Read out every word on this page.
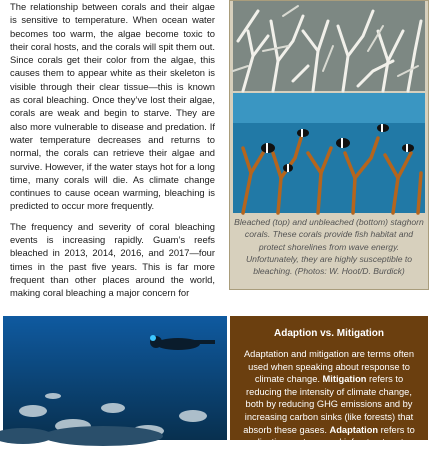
The relationship between corals and their algae is sensitive to temperature. When ocean water becomes too warm, the algae become toxic to their coral hosts, and the corals will spit them out. Since corals get their color from the algae, this causes them to appear white as their skeleton is visible through their clear tissue—this is known as coral bleaching. Once they’ve lost their algae, corals are weak and begin to starve. They are also more vulnerable to disease and predation. If water temperature decreases and returns to normal, the corals can retrieve their algae and survive. However, if the water stays hot for a long time, many corals will die. As climate change continues to cause ocean warming, bleaching is predicted to occur more frequently.

The frequency and severity of coral bleaching events is increasing rapidly. Guam’s reefs bleached in 2013, 2014, 2016, and 2017—four times in the past five years. This is far more frequent than other places around the world, making coral bleaching a major concern for

Bleached (top) and unbleached (bottom) staghorn corals. These corals provide fish habitat and protect shorelines from wave energy. Unfortunately, they are highly susceptible to bleaching. (Photos: W. Hoot/D. Burdick)
Adaption vs. Mitigation
Adaptation and mitigation are terms often used when speaking about response to climate change. Mitigation refers to reducing the intensity of climate change, both by reducing GHG emissions and by increasing carbon sinks (like forests) that absorb these gases. Adaptation refers to adjusting systems and infrastructure to deal with the current and
